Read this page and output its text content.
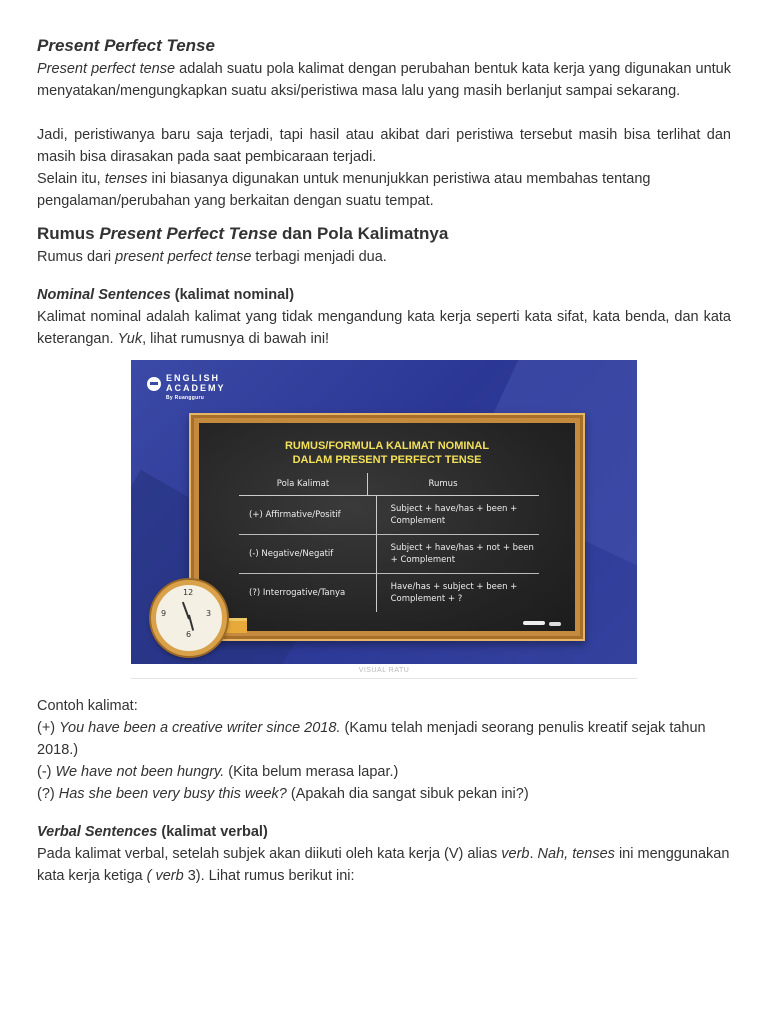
Present Perfect Tense

Present perfect tense adalah suatu pola kalimat dengan perubahan bentuk kata kerja yang digunakan untuk menyatakan/mengungkapkan suatu aksi/peristiwa masa lalu yang masih berlanjut sampai sekarang.

Jadi, peristiwanya baru saja terjadi, tapi hasil atau akibat dari peristiwa tersebut masih bisa terlihat dan masih bisa dirasakan pada saat pembicaraan terjadi.

Selain itu, tenses ini biasanya digunakan untuk menunjukkan peristiwa atau membahas tentang pengalaman/perubahan yang berkaitan dengan suatu tempat.

Rumus Present Perfect Tense dan Pola Kalimatnya

Rumus dari present perfect tense terbagi menjadi dua.

Nominal Sentences (kalimat nominal)

Kalimat nominal adalah kalimat yang tidak mengandung kata kerja seperti kata sifat, kata benda, dan kata keterangan. Yuk, lihat rumusnya di bawah ini!

ENGLISH
ACADEMY
By Ruangguru
RUMUS/FORMULA KALIMAT NOMINAL
DALAM PRESENT PERFECT TENSE
Pola Kalimat	Rumus
(+) Affirmative/Positif
Subject + have/has + been + Complement
(-) Negative/Negatif
Subject + have/has + not + been + Complement
(?) Interrogative/Tanya
Have/has + subject + been + Complement + ?
12
3
6
9
VISUAL RATU

Contoh kalimat:

(+) You have been a creative writer since 2018. (Kamu telah menjadi seorang penulis kreatif sejak tahun 2018.)

(-) We have not been hungry. (Kita belum merasa lapar.)

(?) Has she been very busy this week? (Apakah dia sangat sibuk pekan ini?)

Verbal Sentences (kalimat verbal)

Pada kalimat verbal, setelah subjek akan diikuti oleh kata kerja (V) alias verb. Nah, tenses ini menggunakan kata kerja ketiga ( verb 3). Lihat rumus berikut ini:
